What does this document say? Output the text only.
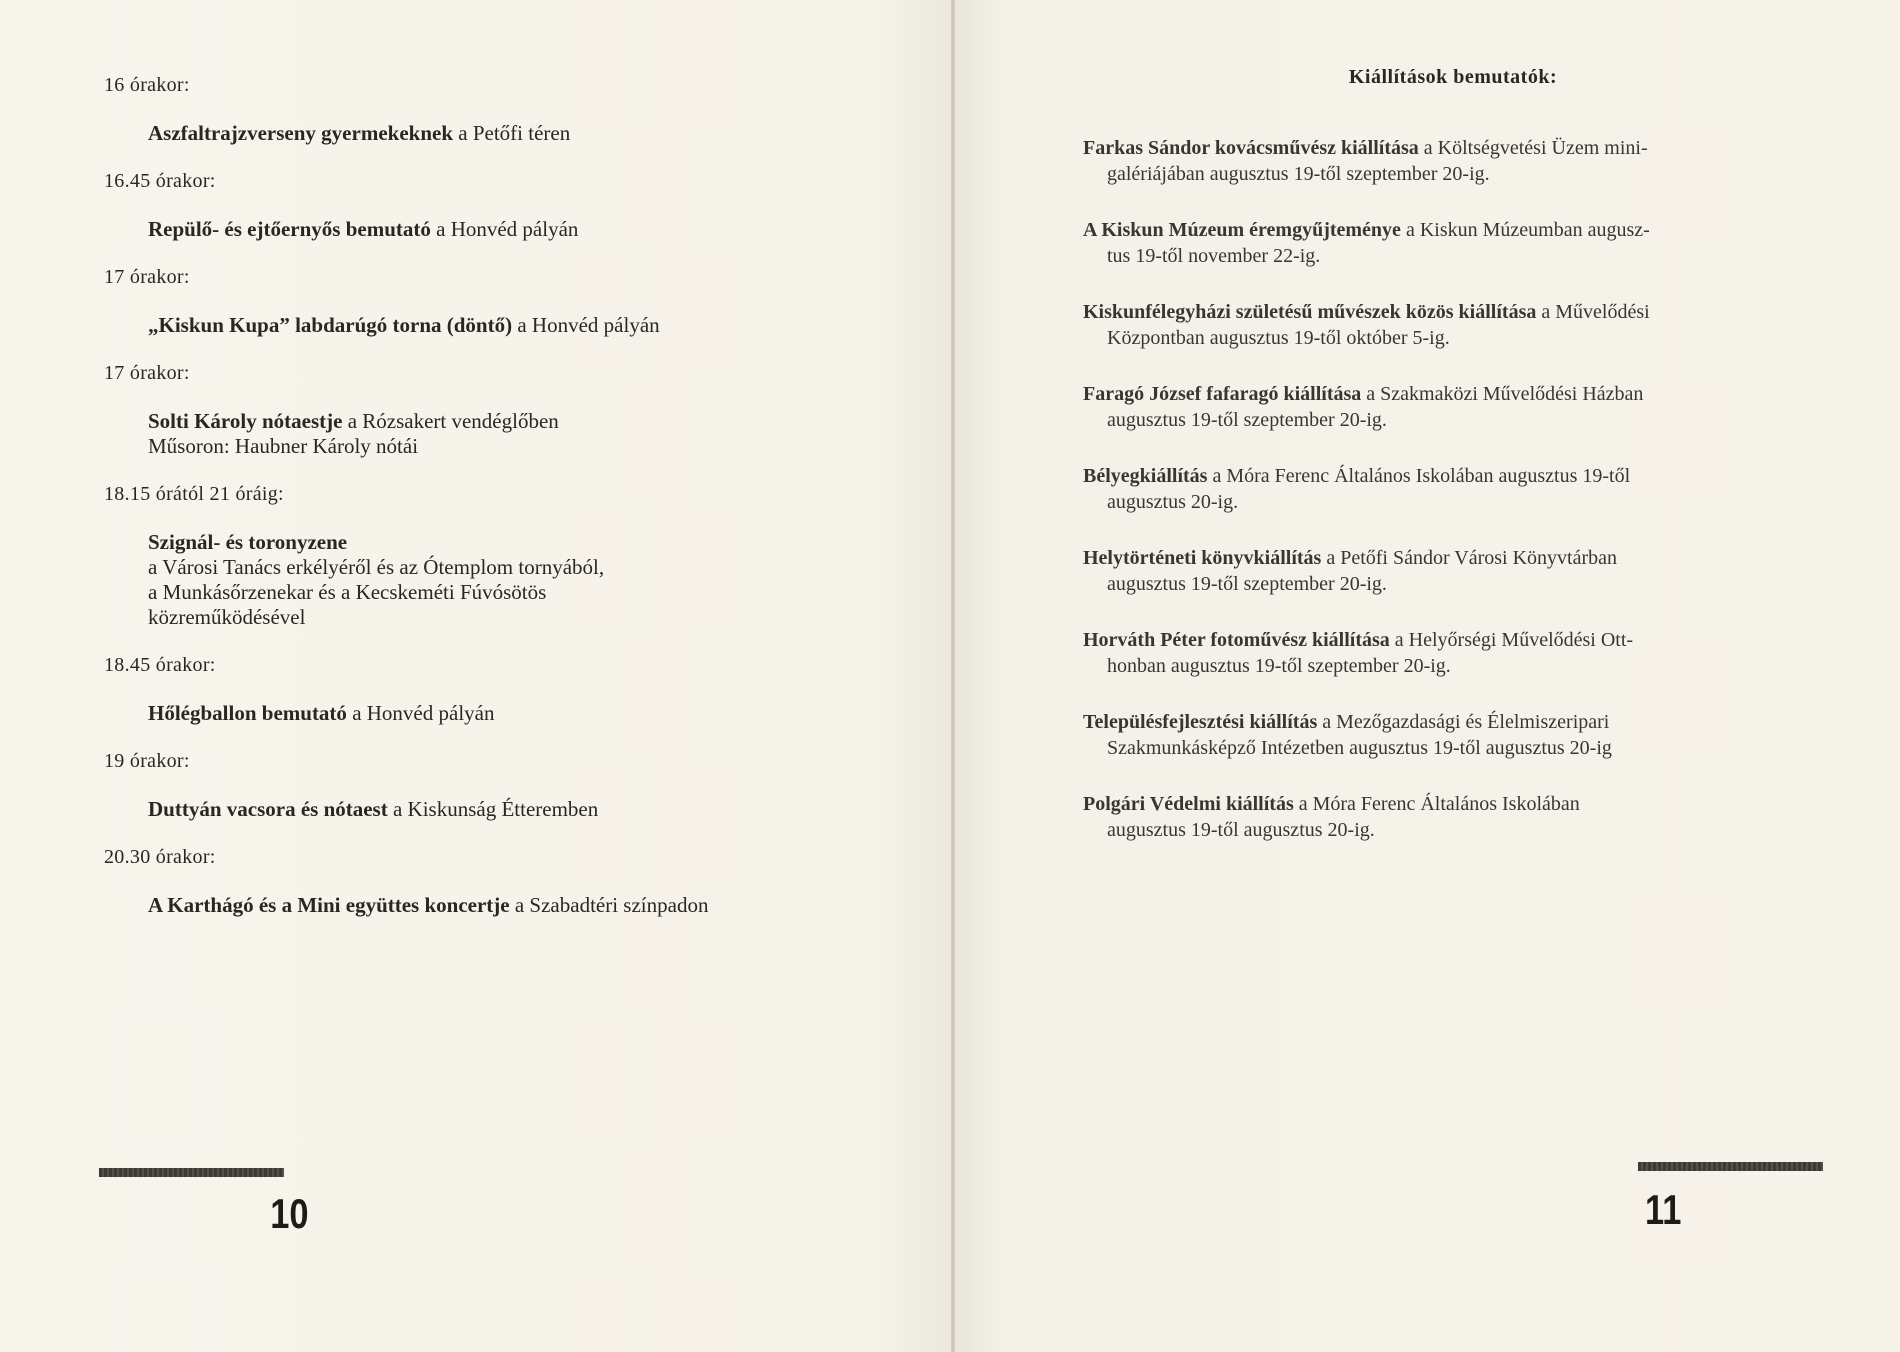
16 órakor:
Aszfaltrajzverseny gyermekeknek a Petőfi téren
16.45 órakor:
Repülő- és ejtőernyős bemutató a Honvéd pályán
17 órakor:
„Kiskun Kupa” labdarúgó torna (döntő) a Honvéd pályán
17 órakor:
Solti Károly nótaestje a Rózsakert vendéglőben
Műsoron: Haubner Károly nótái
18.15 órától 21 óráig:
Szignál- és toronyzene
a Városi Tanács erkélyéről és az Ótemplom tornyából,
a Munkásőrzenekar és a Kecskeméti Fúvósötös
közreműködésével
18.45 órakor:
Hőlégballon bemutató a Honvéd pályán
19 órakor:
Duttyán vacsora és nótaest a Kiskunság Étteremben
20.30 órakor:
A Karthágó és a Mini együttes koncertje a Szabadtéri színpadon
10
Kiállítások bemutatók:
Farkas Sándor kovácsművész kiállítása a Költségvetési Üzem mini-
galériájában augusztus 19-től szeptember 20-ig.
A Kiskun Múzeum éremgyűjteménye a Kiskun Múzeumban augusz-
tus 19-től november 22-ig.
Kiskunfélegyházi születésű művészek közös kiállítása a Művelődési
Központban augusztus 19-től október 5-ig.
Faragó József fafaragó kiállítása a Szakmaközi Művelődési Házban
augusztus 19-től szeptember 20-ig.
Bélyegkiállítás a Móra Ferenc Általános Iskolában augusztus 19-től
augusztus 20-ig.
Helytörténeti könyvkiállítás a Petőfi Sándor Városi Könyvtárban
augusztus 19-től szeptember 20-ig.
Horváth Péter fotoművész kiállítása a Helyőrségi Művelődési Ott-
honban augusztus 19-től szeptember 20-ig.
Településfejlesztési kiállítás a Mezőgazdasági és Élelmiszeripari
Szakmunkásképző Intézetben augusztus 19-től augusztus 20-ig
Polgári Védelmi kiállítás a Móra Ferenc Általános Iskolában
augusztus 19-től augusztus 20-ig.
11
